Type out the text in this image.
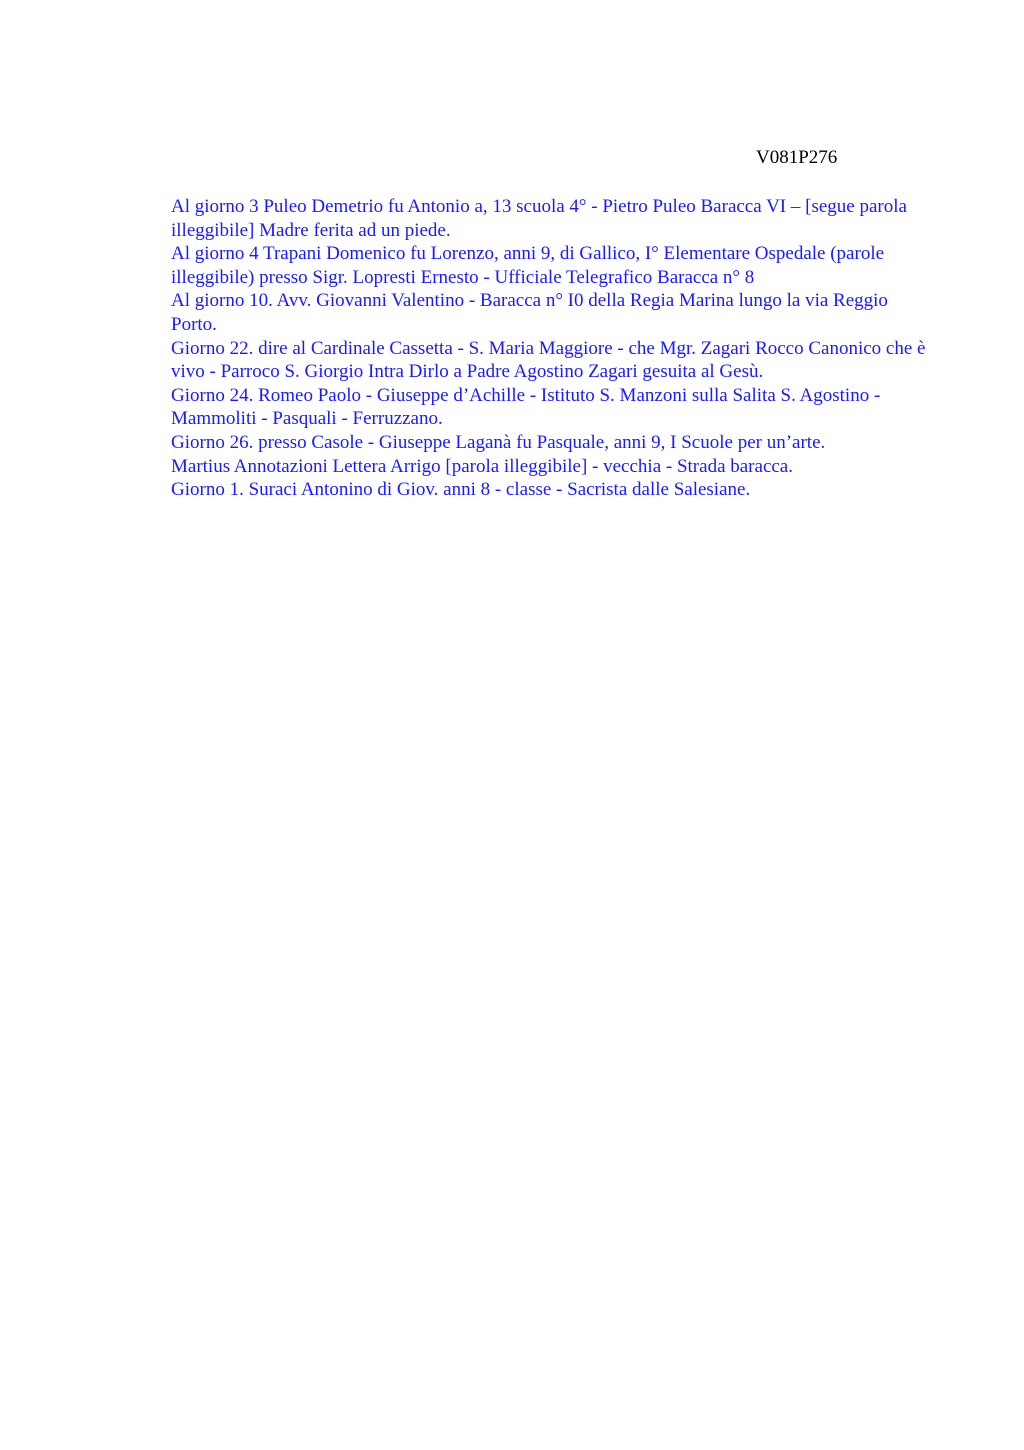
V081P276
Al giorno 3 Puleo Demetrio fu Antonio a, 13 scuola 4° - Pietro Puleo Baracca VI – [segue parola illeggibile] Madre ferita ad un piede.
Al giorno 4 Trapani Domenico fu Lorenzo, anni 9, di Gallico, I° Elementare Ospedale (parole illeggibile) presso Sigr. Lopresti Ernesto - Ufficiale Telegrafico Baracca n° 8
Al giorno 10. Avv. Giovanni Valentino - Baracca n° I0 della Regia Marina lungo la via Reggio Porto.
Giorno 22. dire al Cardinale Cassetta - S. Maria Maggiore - che Mgr. Zagari Rocco Canonico che è vivo - Parroco S. Giorgio Intra Dirlo a Padre Agostino Zagari gesuita al Gesù.
Giorno 24. Romeo Paolo - Giuseppe d’Achille - Istituto S. Manzoni sulla Salita S. Agostino - Mammoliti - Pasquali - Ferruzzano.
Giorno 26. presso Casole - Giuseppe Laganà fu Pasquale, anni 9, I Scuole per un’arte.
Martius Annotazioni Lettera Arrigo [parola illeggibile] - vecchia - Strada baracca.
Giorno 1. Suraci Antonino di Giov. anni 8 - classe - Sacrista dalle Salesiane.
